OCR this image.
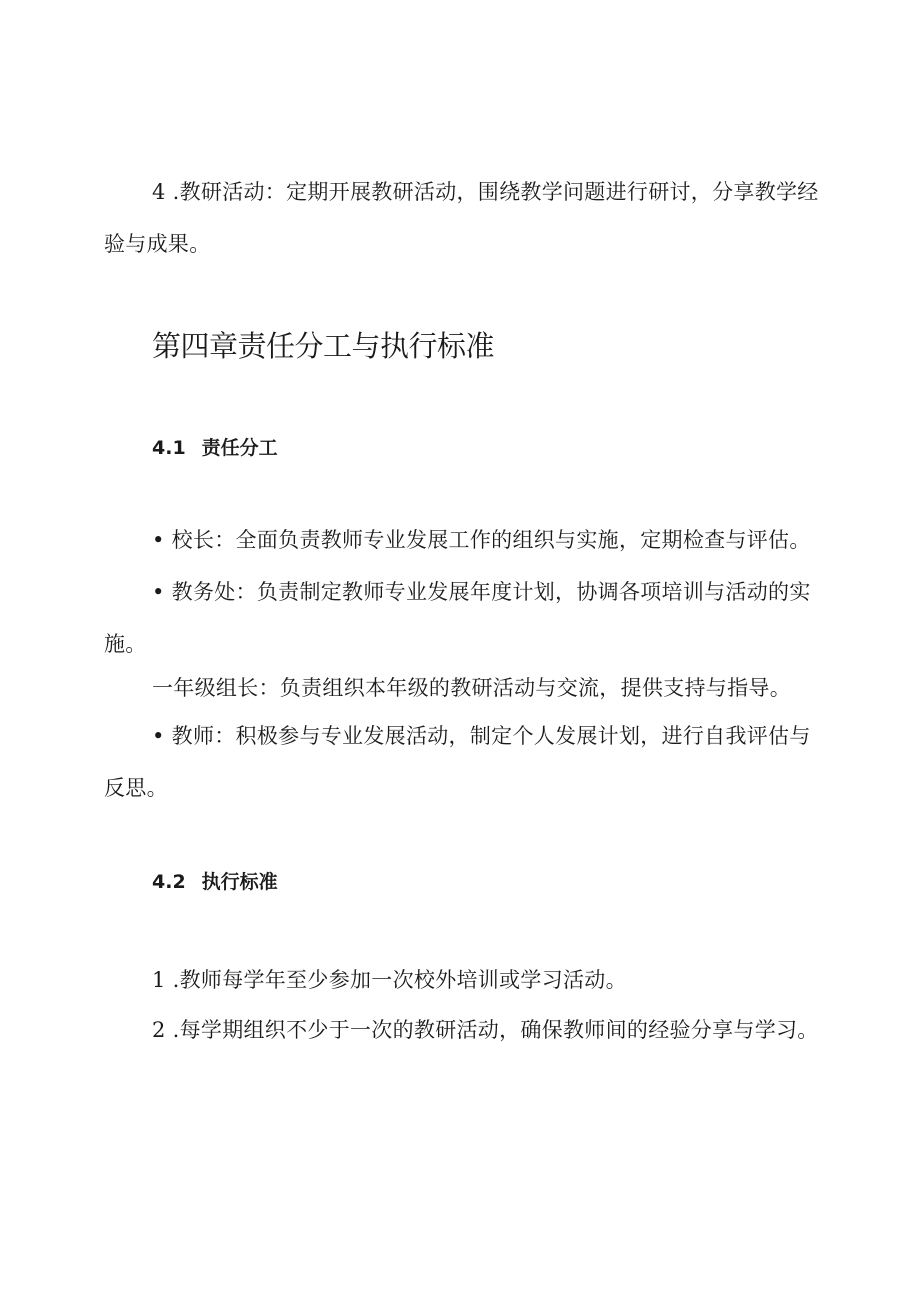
4 .教研活动：定期开展教研活动，围绕教学问题进行研讨，分享教学经验与成果。

第四章责任分工与执行标准
4.1 责任分工

• 校长：全面负责教师专业发展工作的组织与实施，定期检查与评估。

• 教务处：负责制定教师专业发展年度计划，协调各项培训与活动的实施。

一年级组长：负责组织本年级的教研活动与交流，提供支持与指导。

• 教师：积极参与专业发展活动，制定个人发展计划，进行自我评估与反思。

4.2 执行标准

1 .教师每学年至少参加一次校外培训或学习活动。

2 .每学期组织不少于一次的教研活动，确保教师间的经验分享与学习。
